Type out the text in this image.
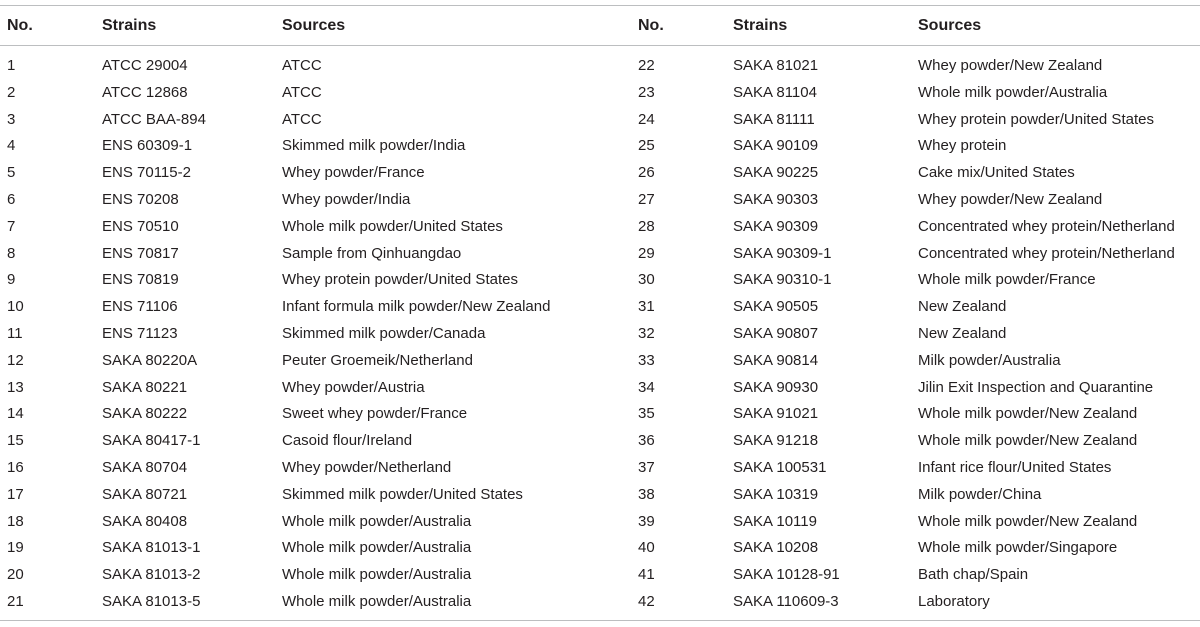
No.	Strains	Sources	No.	Strains	Sources
1	ATCC 29004	ATCC	22	SAKA 81021	Whey powder/New Zealand
2	ATCC 12868	ATCC	23	SAKA 81104	Whole milk powder/Australia
3	ATCC BAA-894	ATCC	24	SAKA 81111	Whey protein powder/United States
4	ENS 60309-1	Skimmed milk powder/India	25	SAKA 90109	Whey protein
5	ENS 70115-2	Whey powder/France	26	SAKA 90225	Cake mix/United States
6	ENS 70208	Whey powder/India	27	SAKA 90303	Whey powder/New Zealand
7	ENS 70510	Whole milk powder/United States	28	SAKA 90309	Concentrated whey protein/Netherland
8	ENS 70817	Sample from Qinhuangdao	29	SAKA 90309-1	Concentrated whey protein/Netherland
9	ENS 70819	Whey protein powder/United States	30	SAKA 90310-1	Whole milk powder/France
10	ENS 71106	Infant formula milk powder/New Zealand	31	SAKA 90505	New Zealand
11	ENS 71123	Skimmed milk powder/Canada	32	SAKA 90807	New Zealand
12	SAKA 80220A	Peuter Groemeik/Netherland	33	SAKA 90814	Milk powder/Australia
13	SAKA 80221	Whey powder/Austria	34	SAKA 90930	Jilin Exit Inspection and Quarantine
14	SAKA 80222	Sweet whey powder/France	35	SAKA 91021	Whole milk powder/New Zealand
15	SAKA 80417-1	Casoid flour/Ireland	36	SAKA 91218	Whole milk powder/New Zealand
16	SAKA 80704	Whey powder/Netherland	37	SAKA 100531	Infant rice flour/United States
17	SAKA 80721	Skimmed milk powder/United States	38	SAKA 10319	Milk powder/China
18	SAKA 80408	Whole milk powder/Australia	39	SAKA 10119	Whole milk powder/New Zealand
19	SAKA 81013-1	Whole milk powder/Australia	40	SAKA 10208	Whole milk powder/Singapore
20	SAKA 81013-2	Whole milk powder/Australia	41	SAKA 10128-91	Bath chap/Spain
21	SAKA 81013-5	Whole milk powder/Australia	42	SAKA 110609-3	Laboratory
